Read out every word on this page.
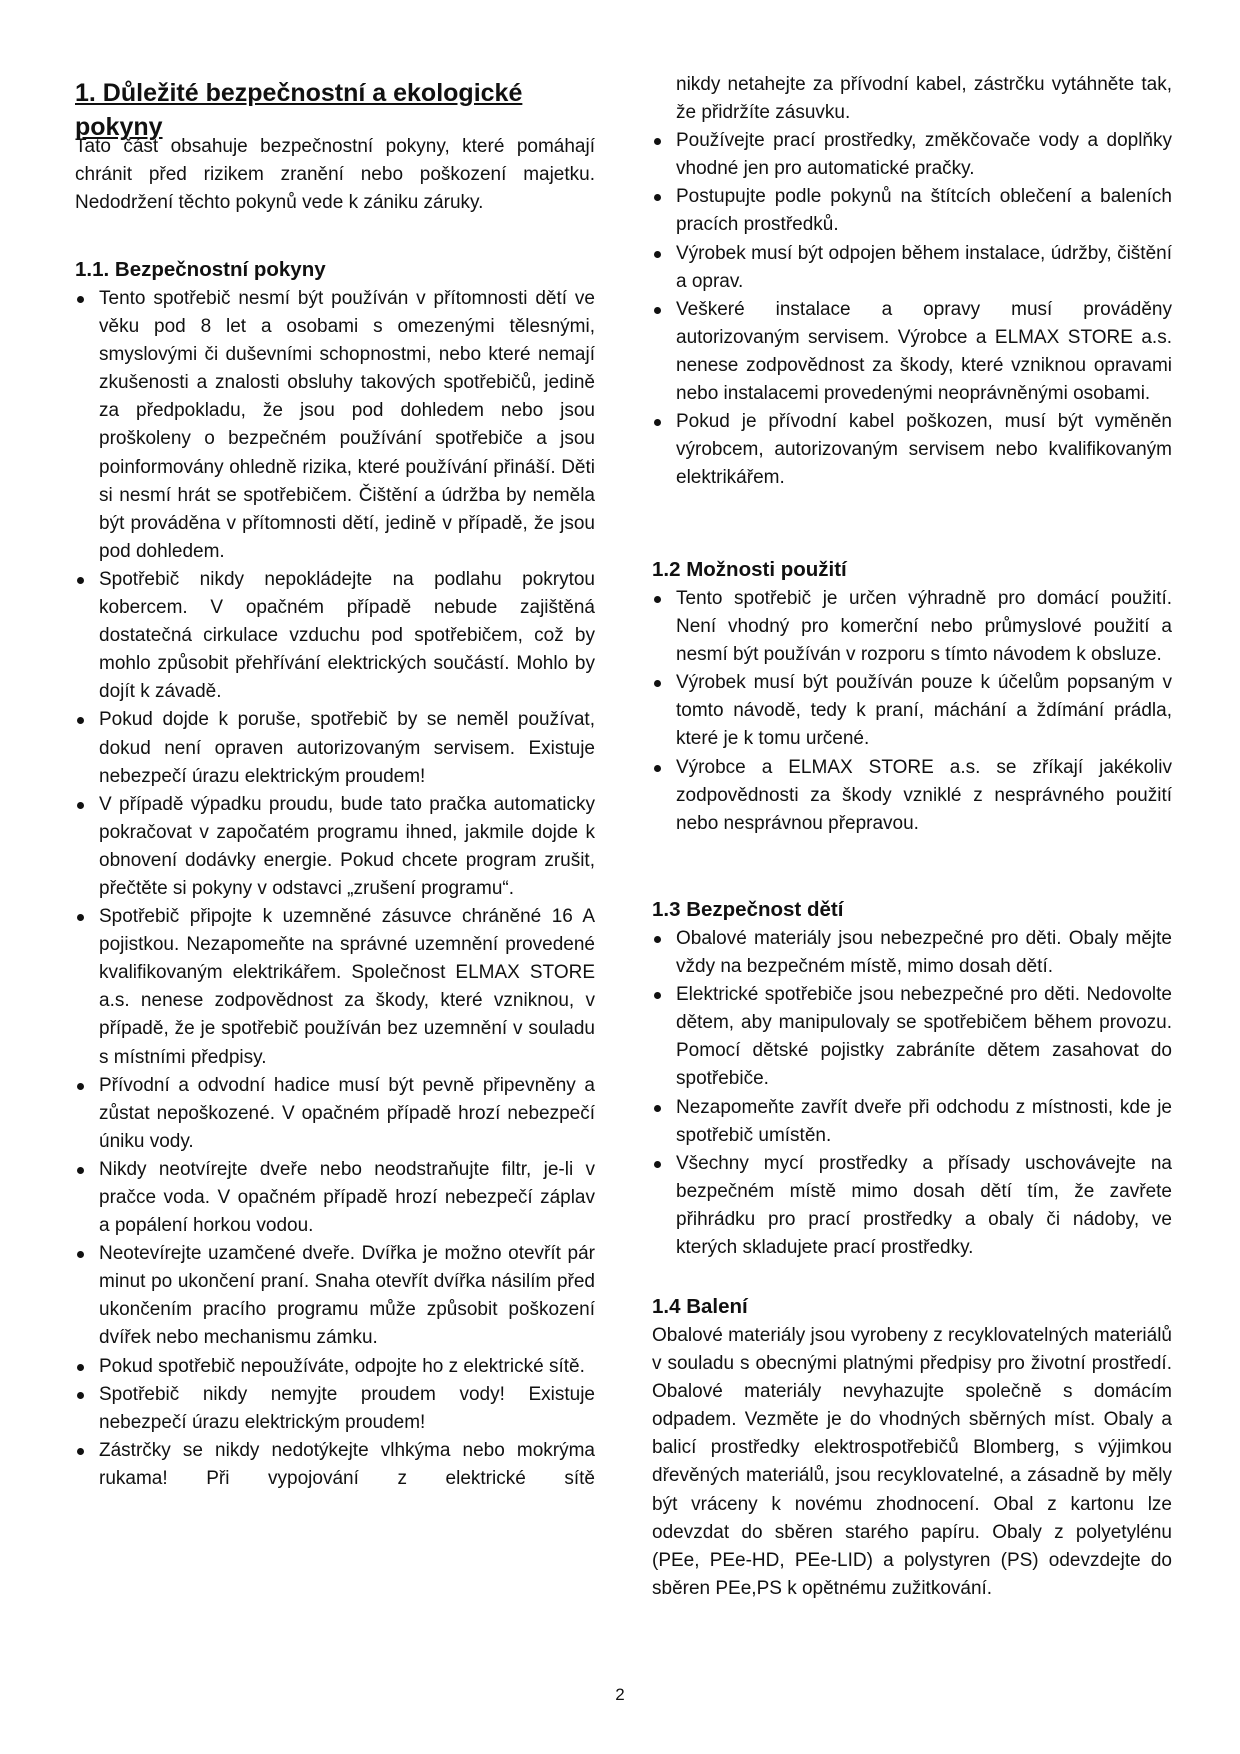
1. Důležité bezpečnostní a ekologické pokyny

Tato část obsahuje bezpečnostní pokyny, které pomáhají chránit před rizikem zranění nebo poškození majetku. Nedodržení těchto pokynů vede k zániku záruky.

1.1. Bezpečnostní pokyny
Tento spotřebič nesmí být používán v přítomnosti dětí ve věku pod 8 let a osobami s omezenými tělesnými, smyslovými či duševními schopnostmi, nebo které nemají zkušenosti a znalosti obsluhy takových spotřebičů, jedině za předpokladu, že jsou pod dohledem nebo jsou proškoleny o bezpečném používání spotřebiče a jsou poinformovány ohledně rizika, které používání přináší. Děti si nesmí hrát se spotřebičem. Čištění a údržba by neměla být prováděna v přítomnosti dětí, jedině v případě, že jsou pod dohledem.
Spotřebič nikdy nepokládejte na podlahu pokrytou kobercem. V opačném případě nebude zajištěná dostatečná cirkulace vzduchu pod spotřebičem, což by mohlo způsobit přehřívání elektrických součástí. Mohlo by dojít k závadě.
Pokud dojde k poruše, spotřebič by se neměl používat, dokud není opraven autorizovaným servisem. Existuje nebezpečí úrazu elektrickým proudem!
V případě výpadku proudu, bude tato pračka automaticky pokračovat v započatém programu ihned, jakmile dojde k obnovení dodávky energie. Pokud chcete program zrušit, přečtěte si pokyny v odstavci „zrušení programu“.
Spotřebič připojte k uzemněné zásuvce chráněné 16 A pojistkou. Nezapomeňte na správné uzemnění provedené kvalifikovaným elektrikářem. Společnost ELMAX STORE a.s. nenese zodpovědnost za škody, které vzniknou, v případě, že je spotřebič používán bez uzemnění v souladu s místními předpisy.
Přívodní a odvodní hadice musí být pevně připevněny a zůstat nepoškozené. V opačném případě hrozí nebezpečí úniku vody.
Nikdy neotvírejte dveře nebo neodstraňujte filtr, je-li v pračce voda. V opačném případě hrozí nebezpečí záplav a popálení horkou vodou.
Neotevírejte uzamčené dveře. Dvířka je možno otevřít pár minut po ukončení praní. Snaha otevřít dvířka násilím před ukončením pracího programu může způsobit poškození dvířek nebo mechanismu zámku.
Pokud spotřebič nepoužíváte, odpojte ho z elektrické sítě.
Spotřebič nikdy nemyjte proudem vody! Existuje nebezpečí úrazu elektrickým proudem!
Zástrčky se nikdy nedotýkejte vlhkýma nebo mokrýma rukama! Při vypojování z elektrické sítě
nikdy netahejte za přívodní kabel, zástrčku vytáhněte tak, že přidržíte zásuvku.
Používejte prací prostředky, změkčovače vody a doplňky vhodné jen pro automatické pračky.
Postupujte podle pokynů na štítcích oblečení a baleních pracích prostředků.
Výrobek musí být odpojen během instalace, údržby, čištění a oprav.
Veškeré instalace a opravy musí prováděny autorizovaným servisem. Výrobce a ELMAX STORE a.s. nenese zodpovědnost za škody, které vzniknou opravami nebo instalacemi provedenými neoprávněnými osobami.
Pokud je přívodní kabel poškozen, musí být vyměněn výrobcem, autorizovaným servisem nebo kvalifikovaným elektrikářem.
1.2 Možnosti použití
Tento spotřebič je určen výhradně pro domácí použití. Není vhodný pro komerční nebo průmyslové použití a nesmí být používán v rozporu s tímto návodem k obsluze.
Výrobek musí být používán pouze k účelům popsaným v tomto návodě, tedy k praní, máchání a ždímání prádla, které je k tomu určené.
Výrobce a ELMAX STORE a.s. se zříkají jakékoliv zodpovědnosti za škody vzniklé z nesprávného použití nebo nesprávnou přepravou.
1.3 Bezpečnost dětí
Obalové materiály jsou nebezpečné pro děti. Obaly mějte vždy na bezpečném místě, mimo dosah dětí.
Elektrické spotřebiče jsou nebezpečné pro děti. Nedovolte dětem, aby manipulovaly se spotřebičem během provozu. Pomocí dětské pojistky zabráníte dětem zasahovat do spotřebiče.
Nezapomeňte zavřít dveře při odchodu z místnosti, kde je spotřebič umístěn.
Všechny mycí prostředky a přísady uschovávejte na bezpečném místě mimo dosah dětí tím, že zavřete přihrádku pro prací prostředky a obaly či nádoby, ve kterých skladujete prací prostředky.
1.4 Balení

Obalové materiály jsou vyrobeny z recyklovatelných materiálů v souladu s obecnými platnými předpisy pro životní prostředí. Obalové materiály nevyhazujte společně s domácím odpadem. Vezměte je do vhodných sběrných míst. Obaly a balicí prostředky elektrospotřebičů Blomberg, s výjimkou dřevěných materiálů, jsou recyklovatelné, a zásadně by měly být vráceny k novému zhodnocení. Obal z kartonu lze odevzdat do sběren starého papíru. Obaly z polyetylénu (PEe, PEe-HD, PEe-LID) a polystyren (PS) odevzdejte do sběren PEe,PS k opětnému zužitkování.

2
